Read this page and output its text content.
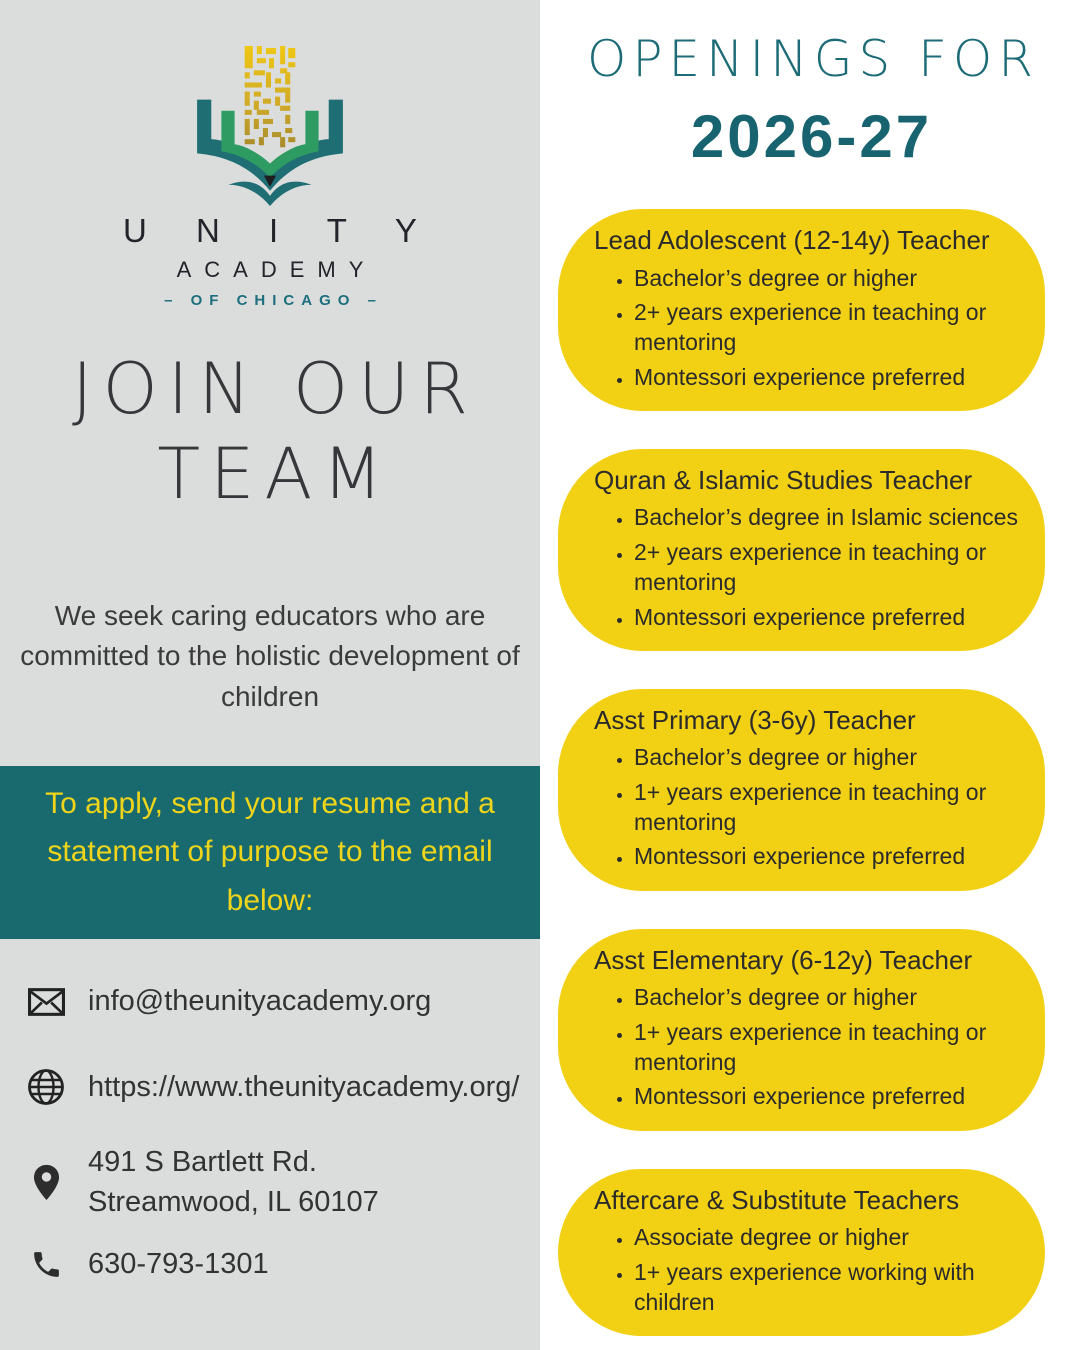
U N I T Y
ACADEMY
– OF CHICAGO –
JOIN OUR
TEAM

We seek caring educators who are committed to the holistic development of children

To apply, send your resume and a statement of purpose to the email below:
info@theunityacademy.org
https://www.theunityacademy.org/
491 S Bartlett Rd.
Streamwood, IL 60107
630-793-1301
OPENINGS FOR
2026-27
Lead Adolescent (12-14y) Teacher
• Bachelor’s degree or higher
• 2+ years experience in teaching or mentoring
• Montessori experience preferred
Quran & Islamic Studies Teacher
• Bachelor’s degree in Islamic sciences
• 2+ years experience in teaching or mentoring
• Montessori experience preferred
Asst Primary (3-6y) Teacher
• Bachelor’s degree or higher
• 1+ years experience in teaching or mentoring
• Montessori experience preferred
Asst Elementary (6-12y) Teacher
• Bachelor’s degree or higher
• 1+ years experience in teaching or mentoring
• Montessori experience preferred
Aftercare & Substitute Teachers
• Associate degree or higher
• 1+ years experience working with children
